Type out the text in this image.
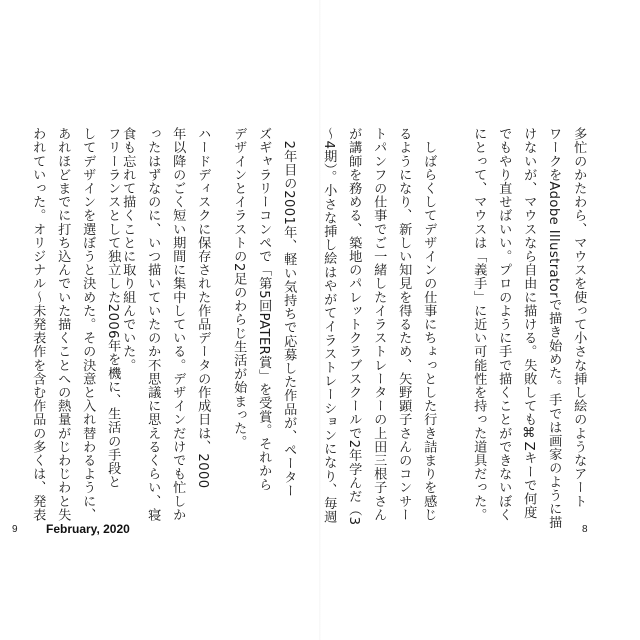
多忙のかたわら、マウスを使って小さな挿し絵のようなアート
ワークをAdobe Illustratorで描き始めた。手では画家のように描
けないが、マウスなら自由に描ける。失敗しても⌘Zキーで何度
でもやり直せばいい。プロのように手で描くことができないぼく
にとって、マウスは「義手」に近い可能性を持った道具だった。
　しばらくしてデザインの仕事にちょっとした行き詰まりを感じ
るようになり、新しい知見を得るため、矢野顕子さんのコンサー
トパンフの仕事でご一緒したイラストレーターの上田三根子さん
が講師を務める、築地のパレットクラブスクールで2年学んだ（3
～4期）。小さな挿し絵はやがてイラストレーションになり、毎週
8
　2年目の2001年、軽い気持ちで応募した作品が、ペーター
ズギャラリーコンペで「第5回PATER賞」を受賞。それから
デザインとイラストの2足のわらじ生活が始まった。
ハードディスクに保存された作品データの作成日は、2000
年以降のごく短い期間に集中している。デザインだけでも忙しか
ったはずなのに、いつ描いていたのか不思議に思えるくらい、寝
食も忘れて描くことに取り組んでいた。
フリーランスとして独立した2006年を機に、生活の手段と
してデザインを選ぼうと決めた。その決意と入れ替わるように、
あれほどまでに打ち込んでいた描くことへの熱量がじわじわと失
われていった。オリジナル～未発表作を含む作品の多くは、発表
9 February, 2020
